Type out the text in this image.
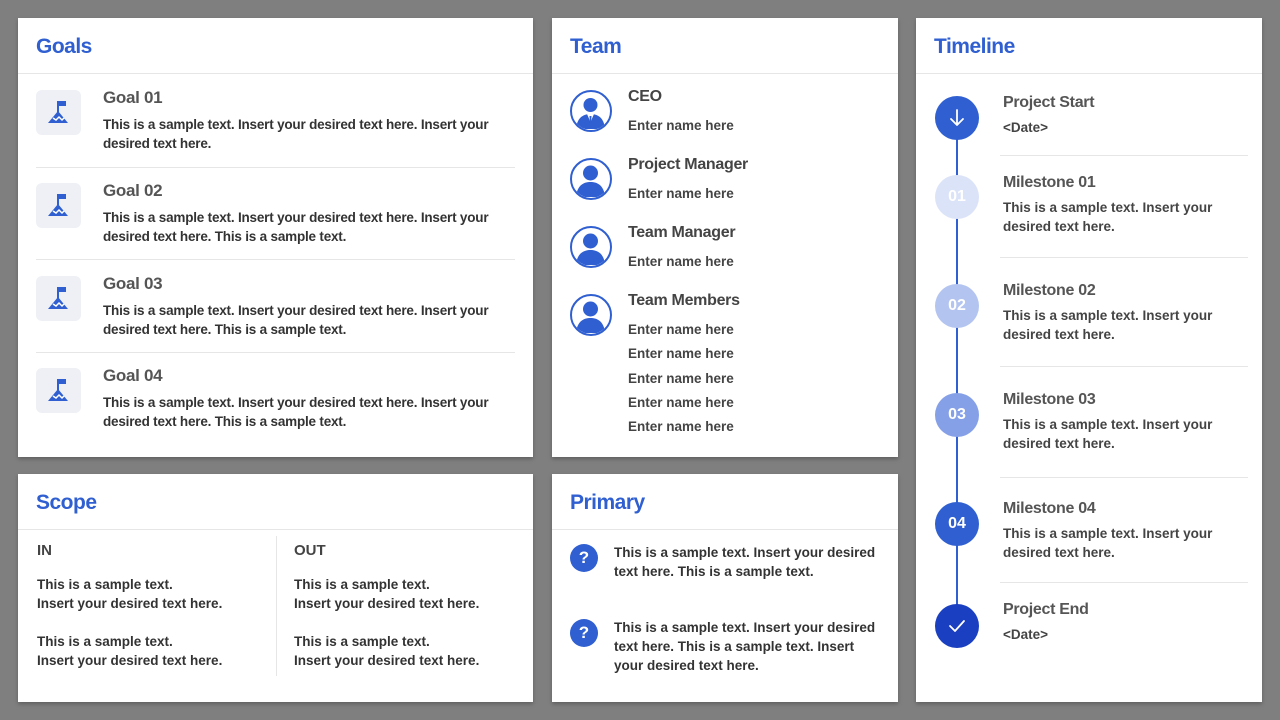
Goals
Goal 01
This is a sample text. Insert your desired text here. Insert your desired text here.
Goal 02
This is a sample text. Insert your desired text here. Insert your desired text here. This is a sample text.
Goal 03
This is a sample text. Insert your desired text here. Insert your desired text here. This is a sample text.
Goal 04
This is a sample text. Insert your desired text here. Insert your desired text here. This is a sample text.
Team
CEO
Enter name here
Project Manager
Enter name here
Team Manager
Enter name here
Team Members
Enter name here
Enter name here
Enter name here
Enter name here
Enter name here
Timeline
Project Start
<Date>
01
Milestone 01
This is a sample text. Insert your desired text here.
02
Milestone 02
This is a sample text. Insert your desired text here.
03
Milestone 03
This is a sample text. Insert your desired text here.
04
Milestone 04
This is a sample text. Insert your desired text here.
Project End
<Date>
Scope
IN
This is a sample text.
Insert your desired text here.
This is a sample text.
Insert your desired text here.
OUT
This is a sample text.
Insert your desired text here.
This is a sample text.
Insert your desired text here.
Primary
?	This is a sample text. Insert your desired text here. This is a sample text.
?	This is a sample text. Insert your desired text here. This is a sample text. Insert your desired text here.
